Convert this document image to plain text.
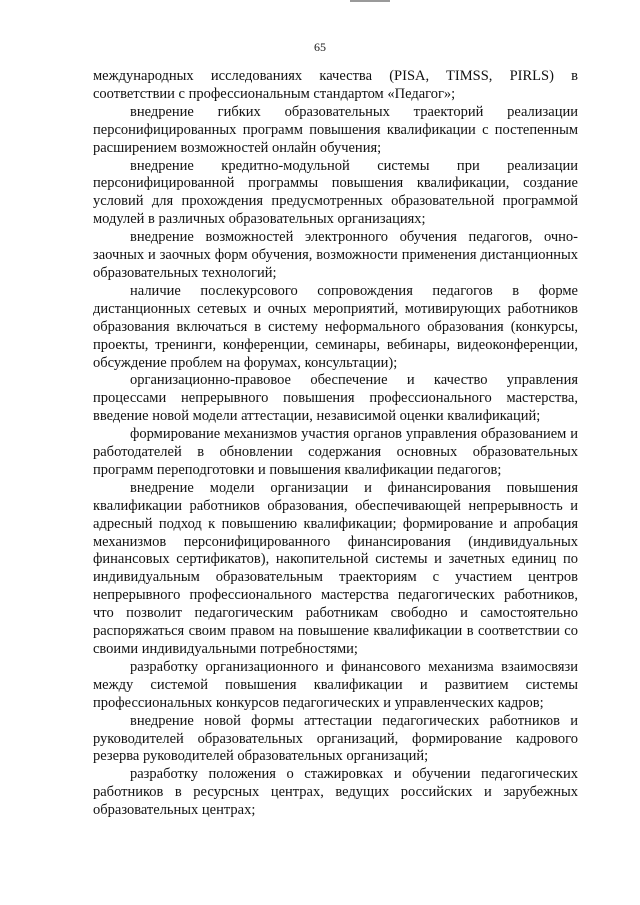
65

международных исследованиях качества (PISA, TIMSS, PIRLS) в соответствии с профессиональным стандартом «Педагог»;

внедрение гибких образовательных траекторий реализации персонифицированных программ повышения квалификации с постепенным расширением возможностей онлайн обучения;

внедрение кредитно-модульной системы при реализации персонифицированной программы повышения квалификации, создание условий для прохождения предусмотренных образовательной программой модулей в различных образовательных организациях;

внедрение возможностей электронного обучения педагогов, очно-заочных и заочных форм обучения, возможности применения дистанционных образовательных технологий;

наличие послекурсового сопровождения педагогов в форме дистанционных сетевых и очных мероприятий, мотивирующих работников образования включаться в систему неформального образования (конкурсы, проекты, тренинги, конференции, семинары, вебинары, видеоконференции, обсуждение проблем на форумах, консультации);

организационно-правовое обеспечение и качество управления процессами непрерывного повышения профессионального мастерства, введение новой модели аттестации, независимой оценки квалификаций;

формирование механизмов участия органов управления образованием и работодателей в обновлении содержания основных образовательных программ переподготовки и повышения квалификации педагогов;

внедрение модели организации и финансирования повышения квалификации работников образования, обеспечивающей непрерывность и адресный подход к повышению квалификации; формирование и апробация механизмов персонифицированного финансирования (индивидуальных финансовых сертификатов), накопительной системы и зачетных единиц по индивидуальным образовательным траекториям с участием центров непрерывного профессионального мастерства педагогических работников, что позволит педагогическим работникам свободно и самостоятельно распоряжаться своим правом на повышение квалификации в соответствии со своими индивидуальными потребностями;

разработку организационного и финансового механизма взаимосвязи между системой повышения квалификации и развитием системы профессиональных конкурсов педагогических и управленческих кадров;

внедрение новой формы аттестации педагогических работников и руководителей образовательных организаций, формирование кадрового резерва руководителей образовательных организаций;

разработку положения о стажировках и обучении педагогических работников в ресурсных центрах, ведущих российских и зарубежных образовательных центрах;
